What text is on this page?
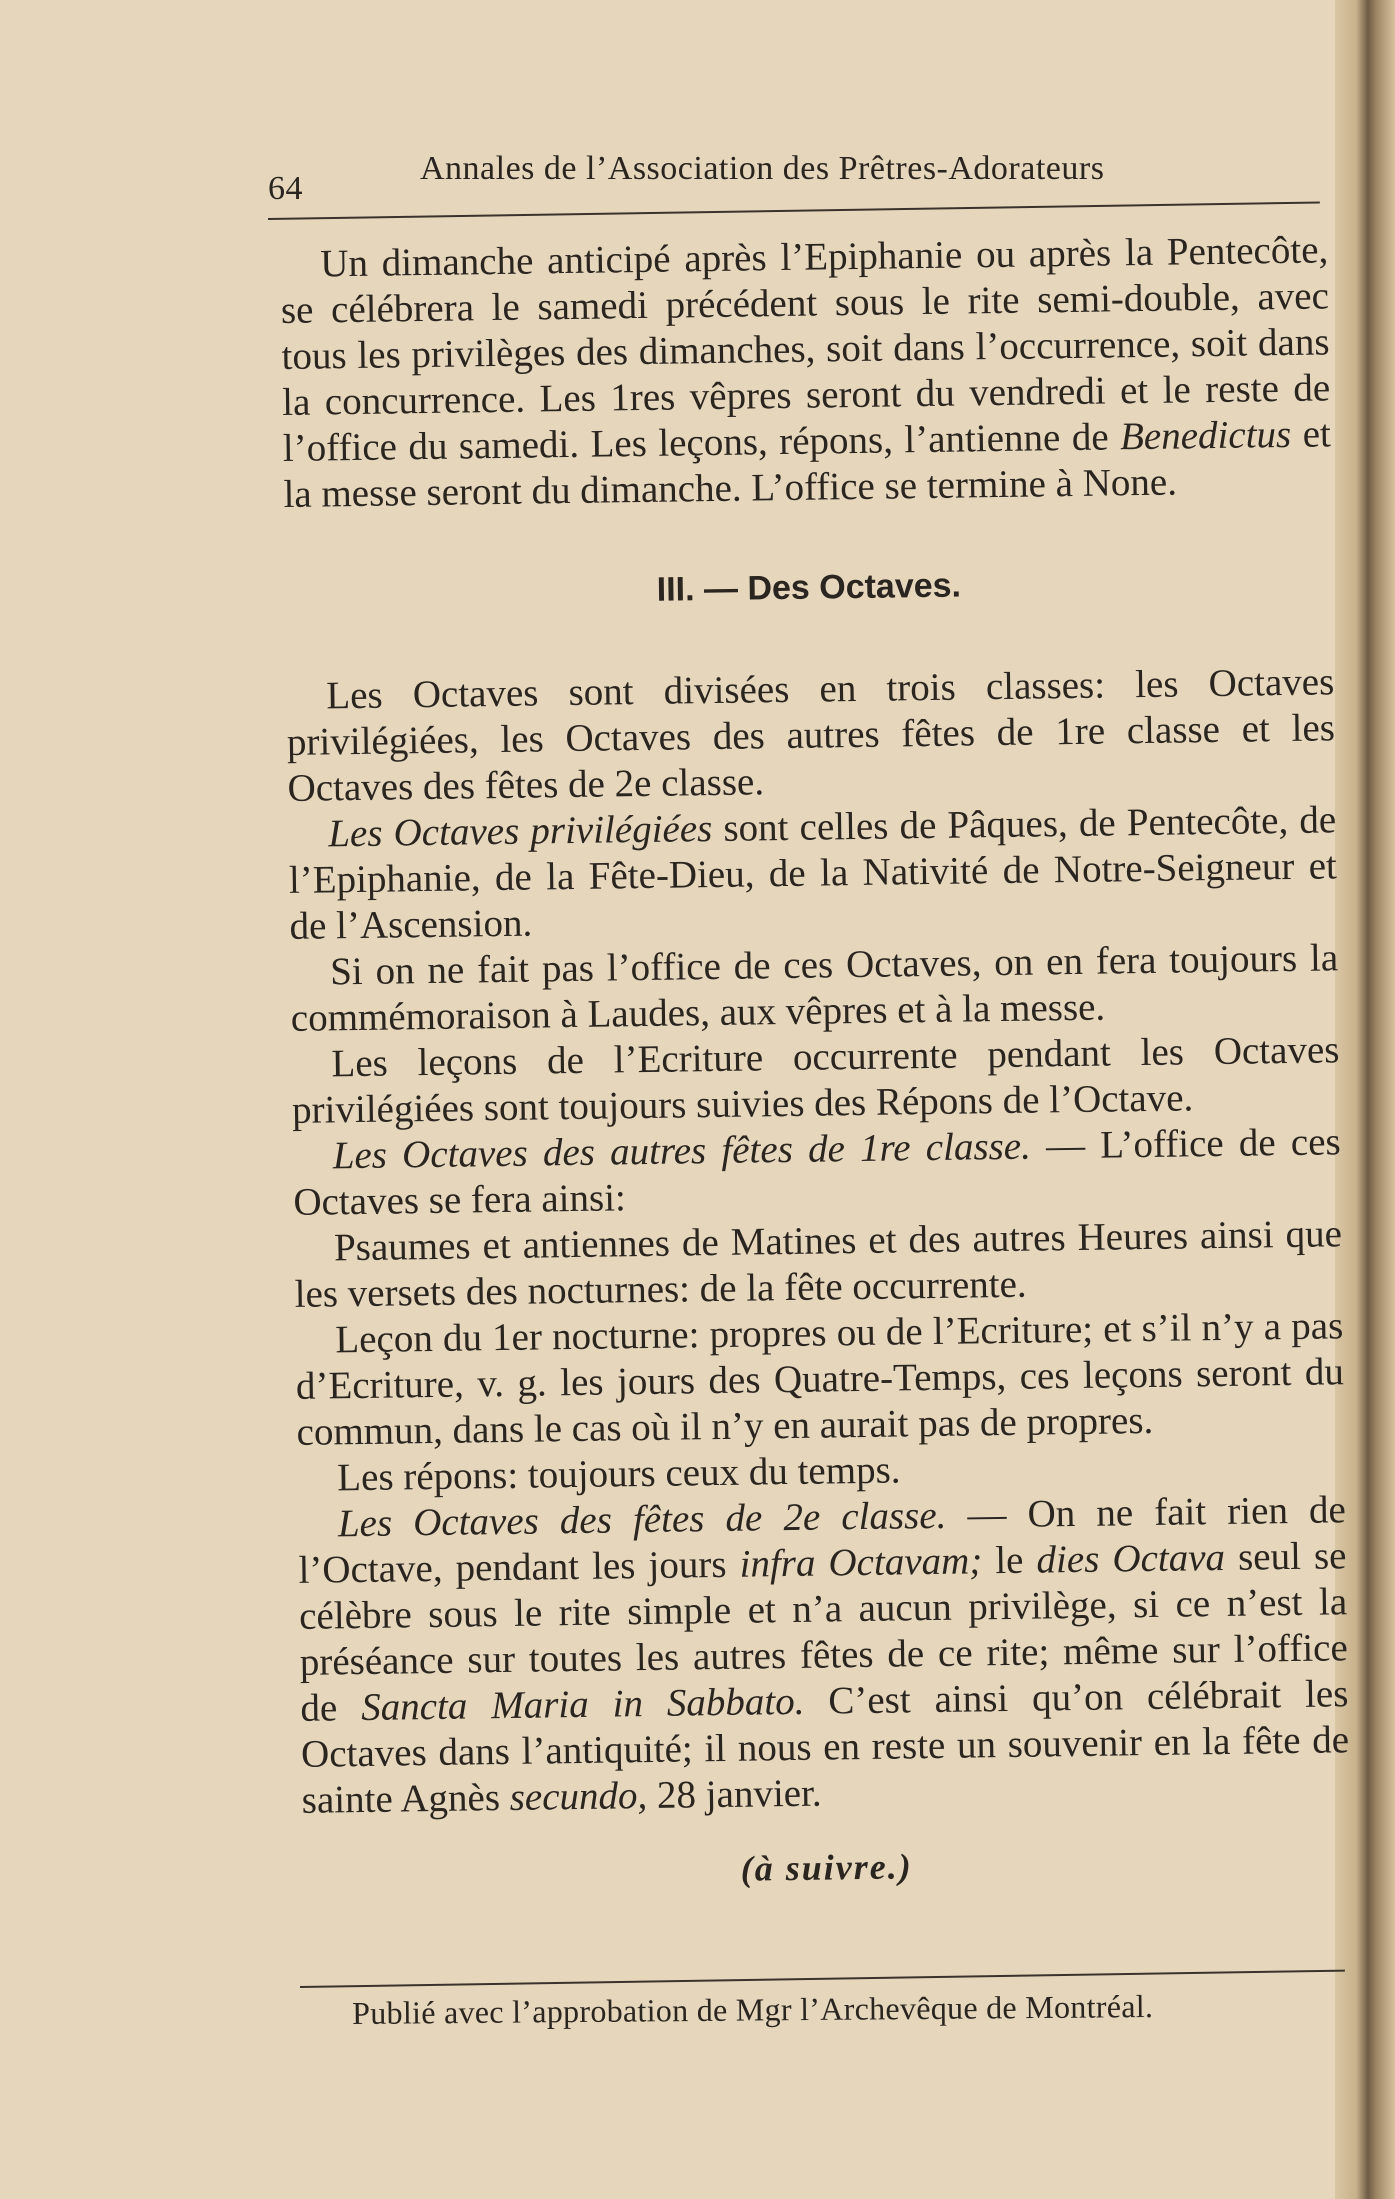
64
Annales de l’Association des Prêtres-Adorateurs

Un dimanche anticipé après l’Epiphanie ou après la Pentecôte, se célébrera le samedi précédent sous le rite semi-double, avec tous les privilèges des dimanches, soit dans l’occurrence, soit dans la concurrence. Les 1res vêpres seront du vendredi et le reste de l’office du samedi. Les leçons, répons, l’antienne de Benedictus et la messe seront du dimanche. L’office se termine à None.

III. — Des Octaves.

Les Octaves sont divisées en trois classes: les Octaves privilégiées, les Octaves des autres fêtes de 1re classe et les Octaves des fêtes de 2e classe.

Les Octaves privilégiées sont celles de Pâques, de Pentecôte, de l’Epiphanie, de la Fête-Dieu, de la Nativité de Notre-Seigneur et de l’Ascension.

Si on ne fait pas l’office de ces Octaves, on en fera toujours la commémoraison à Laudes, aux vêpres et à la messe.

Les leçons de l’Ecriture occurrente pendant les Octaves privilégiées sont toujours suivies des Répons de l’Octave.

Les Octaves des autres fêtes de 1re classe. — L’office de ces Octaves se fera ainsi:

Psaumes et antiennes de Matines et des autres Heures ainsi que les versets des nocturnes: de la fête occurrente.

Leçon du 1er nocturne: propres ou de l’Ecriture; et s’il n’y a pas d’Ecriture, v. g. les jours des Quatre-Temps, ces leçons seront du commun, dans le cas où il n’y en aurait pas de propres.

Les répons: toujours ceux du temps.

Les Octaves des fêtes de 2e classe. — On ne fait rien de l’Octave, pendant les jours infra Octavam; le dies Octava seul se célèbre sous le rite simple et n’a aucun privilège, si ce n’est la préséance sur toutes les autres fêtes de ce rite; même sur l’office de Sancta Maria in Sabbato. C’est ainsi qu’on célébrait les Octaves dans l’antiquité; il nous en reste un souvenir en la fête de sainte Agnès secundo, 28 janvier.

(à suivre.)
Publié avec l’approbation de Mgr l’Archevêque de Montréal.
